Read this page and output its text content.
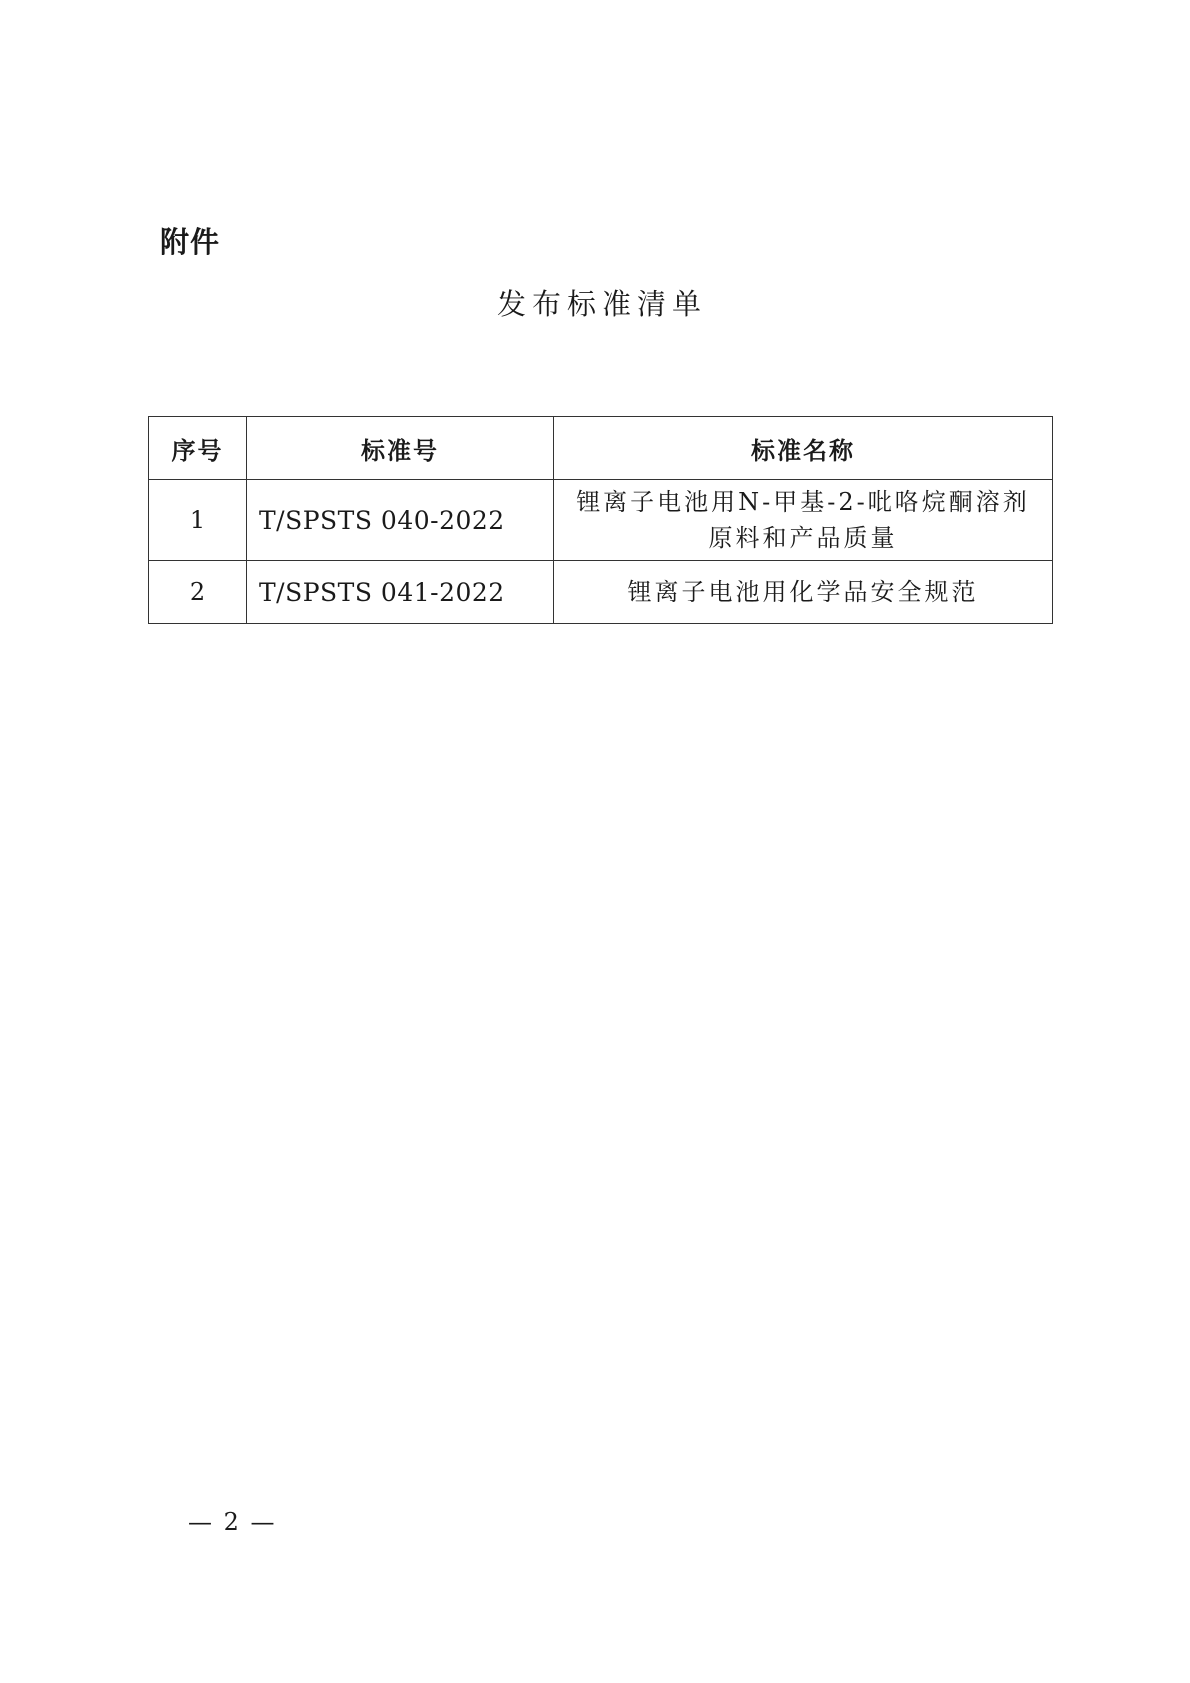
附件
发布标准清单
序号	标准号	标准名称
1	T/SPSTS 040-2022	锂离子电池用N-甲基-2-吡咯烷酮溶剂
原料和产品质量

2	T/SPSTS 041-2022	锂离子电池用化学品安全规范
— 2 —
